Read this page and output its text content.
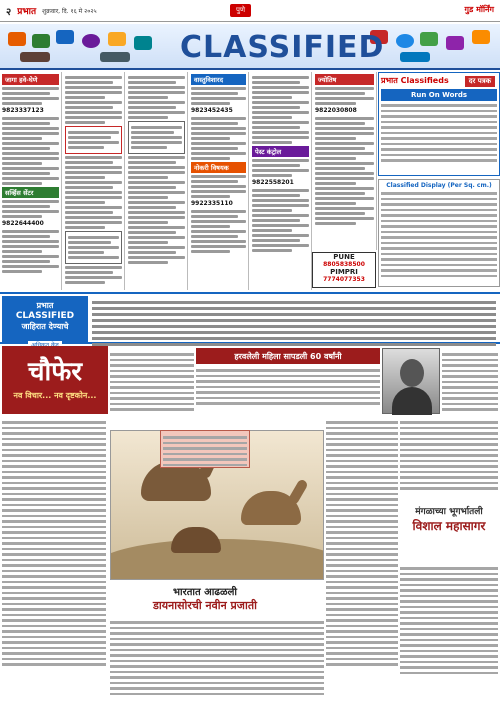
२ प्रभात शुक्रवार, दि. १६ मे २०२५	पुणे	गुड मॉर्निंग
CLASSIFIED
जागा हवे-घेणे
9823337123
सर्व्हिस सेंटर
9822644400
वास्तुविशारद
9823452435
नोकरी विषयक
9922335110
पेस्ट कंट्रोल
9822558201
ज्योतिष
9822030808
PUNE
8805838500
PIMPRI
7774077353
प्रभात Classifieds	दर पत्रक
Run On Words
Classified Display (Per Sq. cm.)
प्रभात
CLASSIFIED
जाहिरात देण्याचे
चौफेर
नव विचार... नव दृष्टकोन...
हरवलेली महिला सापडली 60 वर्षांनी
भारतात आढळली
डायनासोरची नवीन प्रजाती
मंगळाच्या भूगर्भातली
विशाल महासागर
